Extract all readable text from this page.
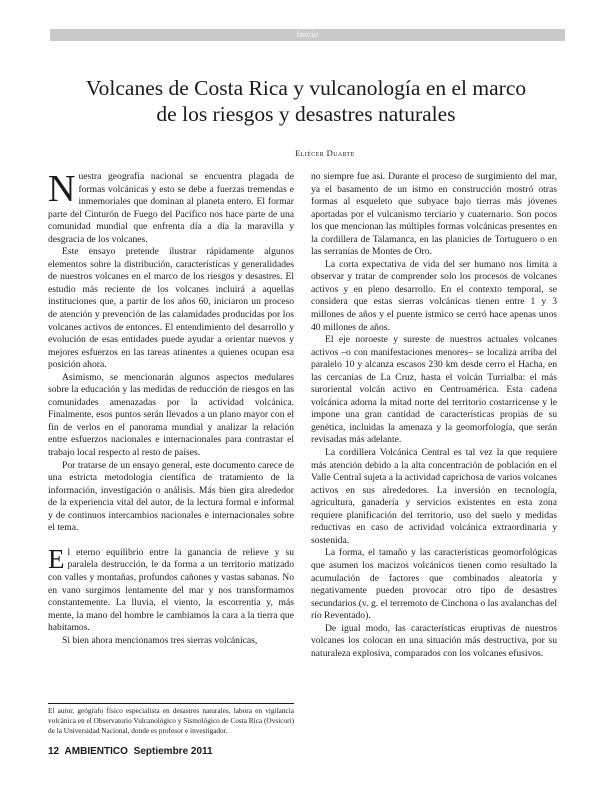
Inicio
Volcanes de Costa Rica y vulcanología en el marco
de los riesgos y desastres naturales
Eliécer Duarte

Nuestra geografía nacional se encuentra plagada de formas volcánicas y esto se debe a fuerzas tremendas e inmemoriales que dominan al planeta entero. El formar parte del Cinturón de Fuego del Pacífico nos hace parte de una comunidad mundial que enfrenta día a día la maravilla y desgracia de los volcanes.

Este ensayo pretende ilustrar rápidamente algunos elementos sobre la distribución, características y generalidades de nuestros volcanes en el marco de los riesgos y desastres. El estudio más reciente de los volcanes incluirá a aquellas instituciones que, a partir de los años 60, iniciaron un proceso de atención y prevención de las calamidades producidas por los volcanes activos de entonces. El entendimiento del desarrollo y evolución de esas entidades puede ayudar a orientar nuevos y mejores esfuerzos en las tareas atinentes a quienes ocupan esa posición ahora.

Asimismo, se mencionarán algunos aspectos medulares sobre la educación y las medidas de reducción de riesgos en las comunidades amenazadas por la actividad volcánica. Finalmente, esos puntos serán llevados a un plano mayor con el fin de verlos en el panorama mundial y analizar la relación entre esfuerzos nacionales e internacionales para contrastar el trabajo local respecto al resto de países.

Por tratarse de un ensayo general, este documento carece de una estricta metodología científica de tratamiento de la información, investigación o análisis. Más bien gira alrededor de la experiencia vital del autor, de la lectura formal e informal y de continuos intercambios nacionales e internacionales sobre el tema.

El eterno equilibrio entre la ganancia de relieve y su paralela destrucción, le da forma a un territorio matizado con valles y montañas, profundos cañones y vastas sabanas. No en vano surgimos lentamente del mar y nos transformamos constantemente. La lluvia, el viento, la escorrentía y, más mente, la mano del hombre le cambiamos la cara a la tierra que habitamos.

Si bien ahora mencionamos tres sierras volcánicas,

no siempre fue así. Durante el proceso de surgimiento del mar, ya el basamento de un istmo en construcción mostró otras formas al esqueleto que subyace bajo tierras más jóvenes aportadas por el vulcanismo terciario y cuaternario. Son pocos los que mencionan las múltiples formas volcánicas presentes en la cordillera de Talamanca, en las planicies de Tortuguero o en las serranías de Montes de Oro.

La corta expectativa de vida del ser humano nos limita a observar y tratar de comprender solo los procesos de volcanes activos y en pleno desarrollo. En el contexto temporal, se considera que estas sierras volcánicas tienen entre 1 y 3 millones de años y el puente ístmico se cerró hace apenas unos 40 millones de años.

El eje noroeste y sureste de nuestros actuales volcanes activos –o con manifestaciones menores– se localiza arriba del paralelo 10 y alcanza escasos 230 km desde cerro el Hacha, en las cercanías de La Cruz, hasta el volcán Turrialba: el más suroriental volcán activo en Centroamérica. Esta cadena volcánica adorna la mitad norte del territorio costarricense y le impone una gran cantidad de características propias de su genética, incluidas la amenaza y la geomorfología, que serán revisadas más adelante.

La cordillera Volcánica Central es tal vez la que requiere más atención debido a la alta concentración de población en el Valle Central sujeta a la actividad caprichosa de varios volcanes activos en sus alrededores. La inversión en tecnología, agricultura, ganadería y servicios existentes en esta zona requiere planificación del territorio, uso del suelo y medidas reductivas en caso de actividad volcánica extraordinaria y sostenida.

La forma, el tamaño y las características geomorfológicas que asumen los macizos volcánicos tienen como resultado la acumulación de factores que combinados aleatoria y negativamente pueden provocar otro tipo de desastres secundarios (v. g. el terremoto de Cinchona o las avalanchas del río Reventado).

De igual modo, las características eruptivas de nuestros volcanes los colocan en una situación más destructiva, por su naturaleza explosiva, comparados con los volcanes efusivos.

El autor, geógrafo físico especialista en desastres naturales, labora en vigilancia volcánica en el Observatorio Vulcanológico y Sismológico de Costa Rica (Ovsicori) de la Universidad Nacional, donde es profesor e investigador.
12 AMBIENTICO Septiembre 2011
